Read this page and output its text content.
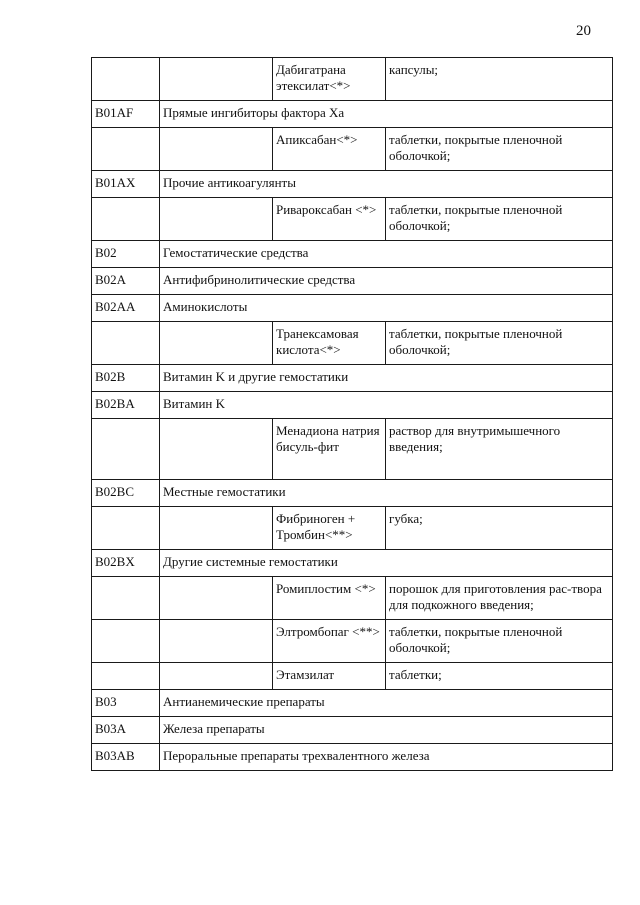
20
		Дабигатрана этексилат<*>	капсулы;
B01AF	Прямые ингибиторы фактора Xa		
		Апиксабан<*>	таблетки, покрытые пленочной оболочкой;
B01AX	Прочие антикоагулянты		
		Ривароксабан <*>	таблетки, покрытые пленочной оболочкой;
B02	Гемостатические средства		
B02A	Антифибринолитические средства		
B02AA	Аминокислоты		
		Транексамовая кислота<*>	таблетки, покрытые пленочной оболочкой;
B02B	Витамин K и другие гемостатики		
B02BA	Витамин K		
		Менадиона натрия бисуль-фит	раствор для внутримышечного введения;
B02BC	Местные гемостатики		
		Фибриноген + Тромбин<**>	губка;
B02BX	Другие системные гемостатики		
		Ромиплостим <*>	порошок для приготовления рас-твора для подкожного введения;
		Элтромбопаг <**>	таблетки, покрытые пленочной оболочкой;
		Этамзилат	таблетки;
B03	Антианемические препараты		
B03A	Железа препараты		
B03AB	Пероральные препараты трехвалентного железа		
